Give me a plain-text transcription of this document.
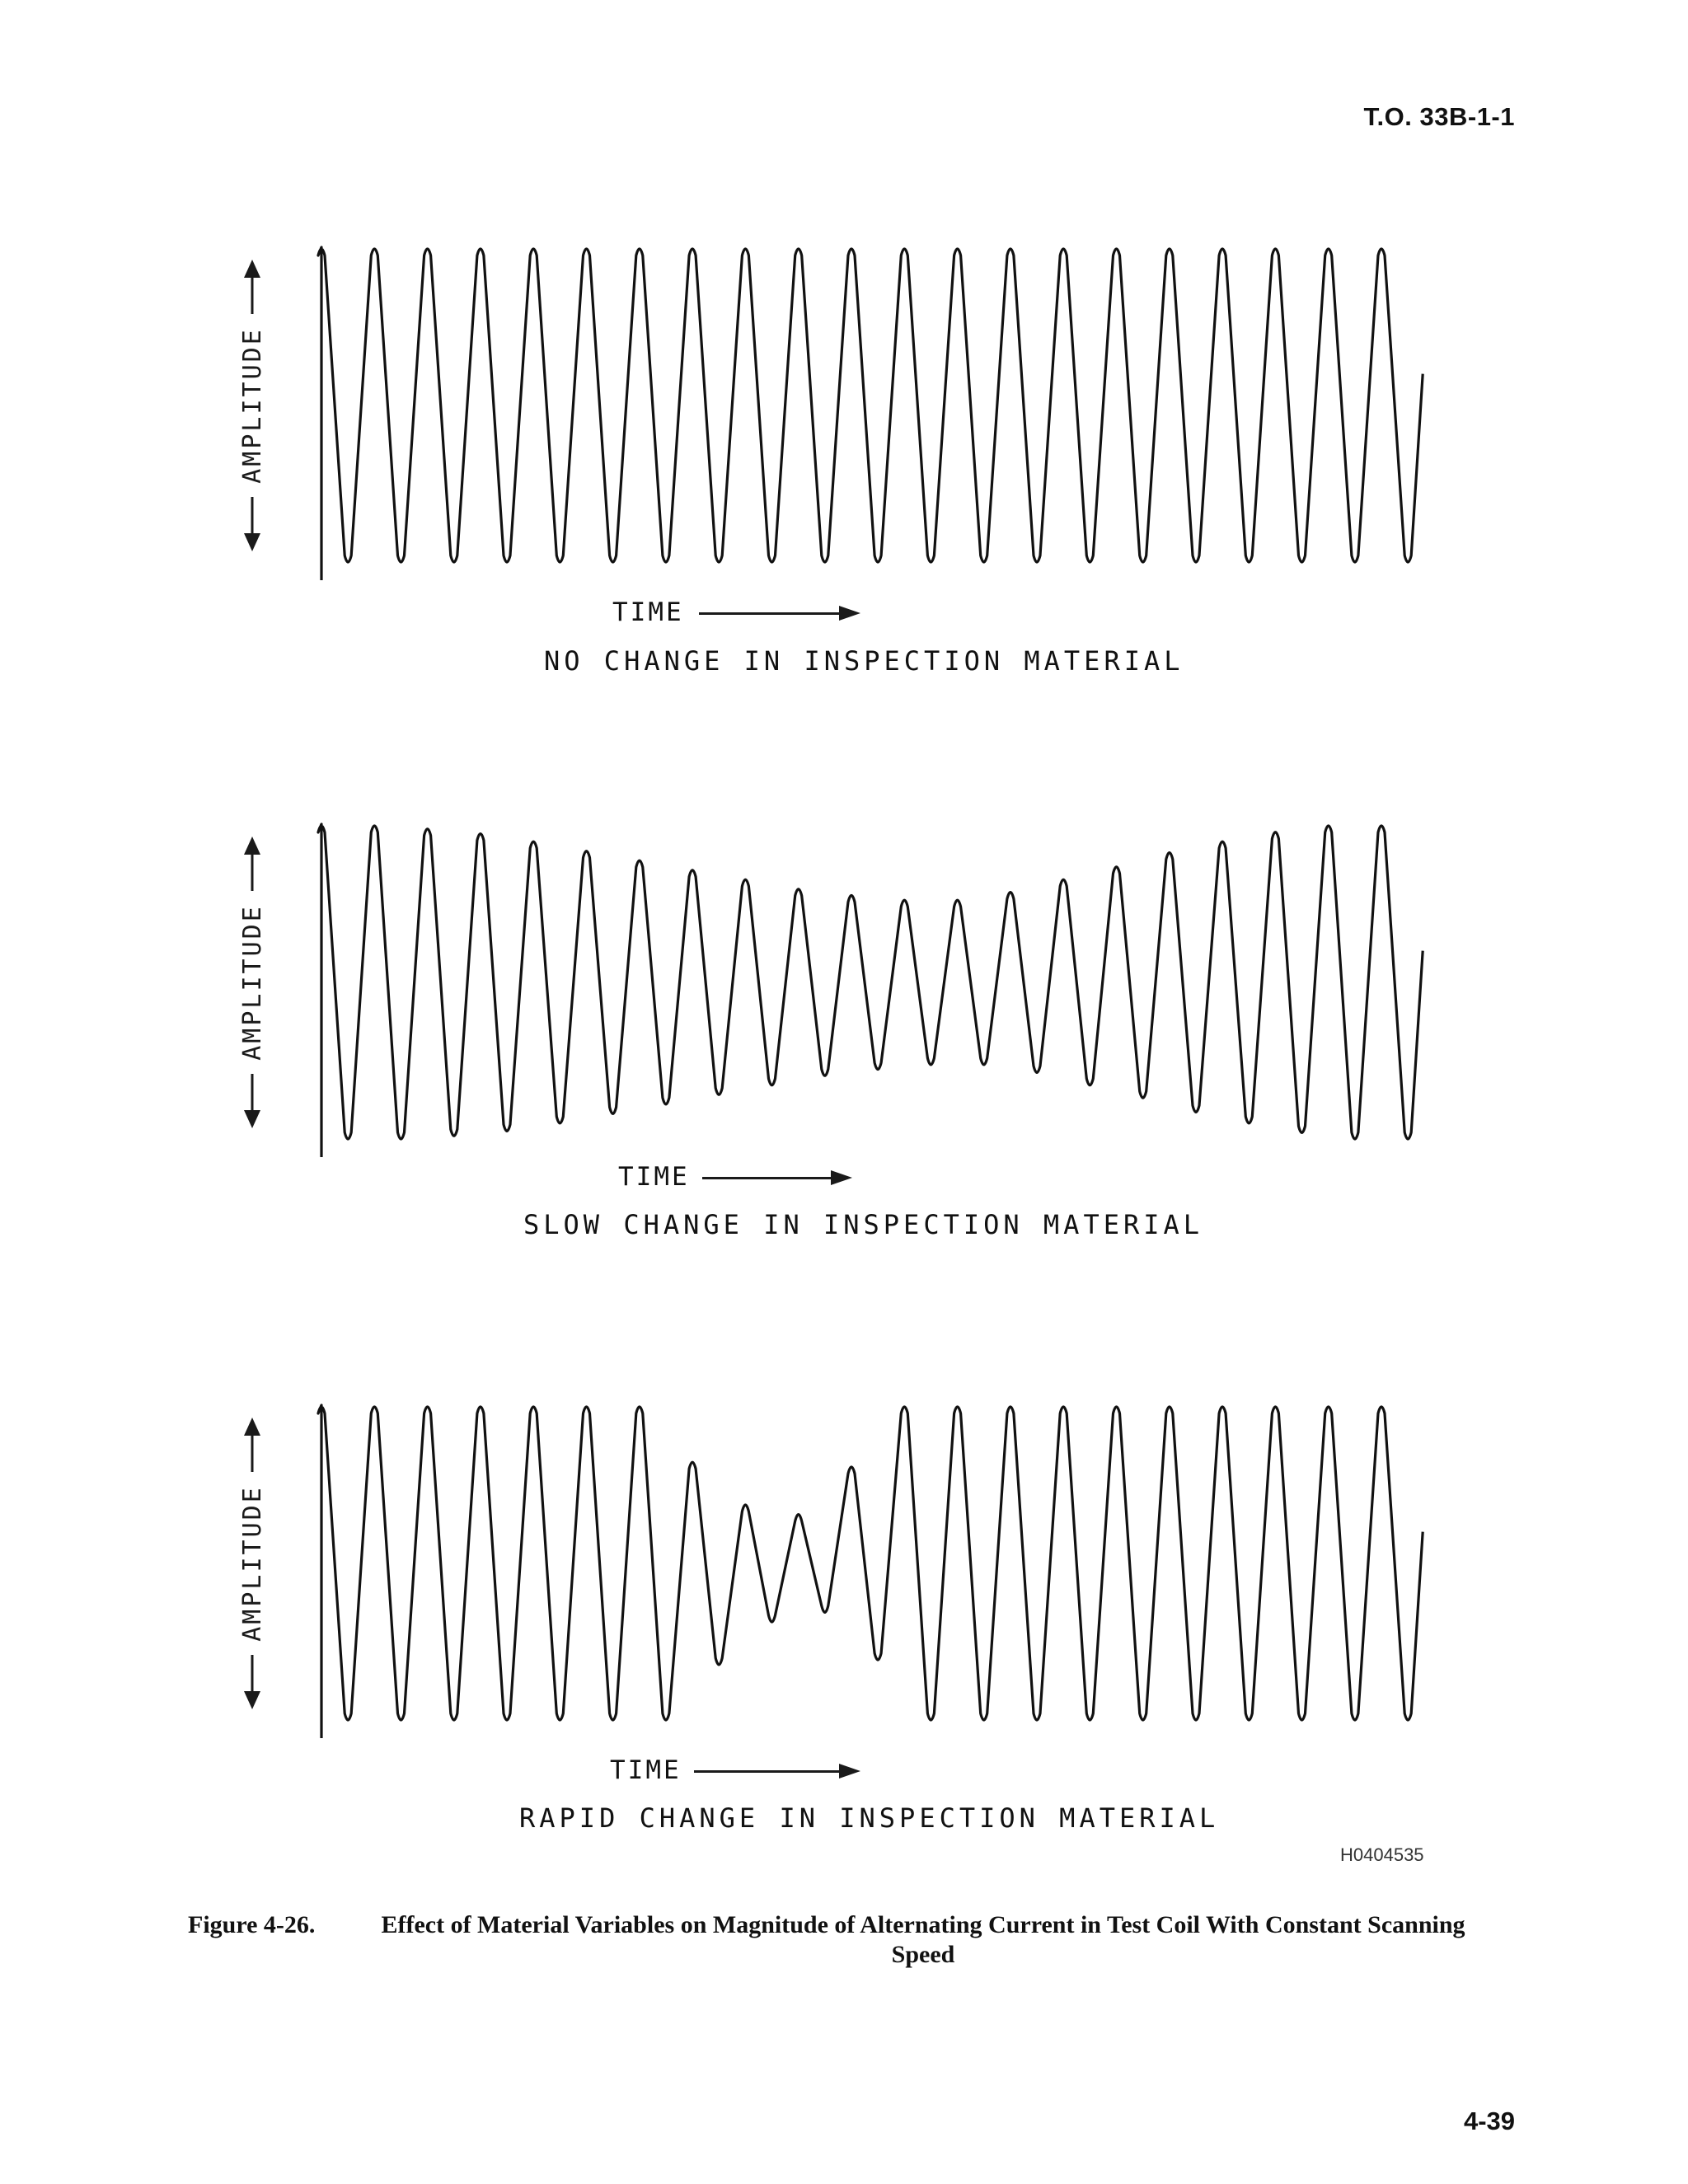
T.O. 33B-1-1
AMPLITUDE
TIME
NO CHANGE IN INSPECTION MATERIAL
AMPLITUDE
TIME
SLOW CHANGE IN INSPECTION MATERIAL
AMPLITUDE
TIME
RAPID CHANGE IN INSPECTION MATERIAL
H0404535
Figure 4-26.	Effect of Material Variables on Magnitude of Alternating Current in Test Coil With Constant Scanning Speed
4-39
